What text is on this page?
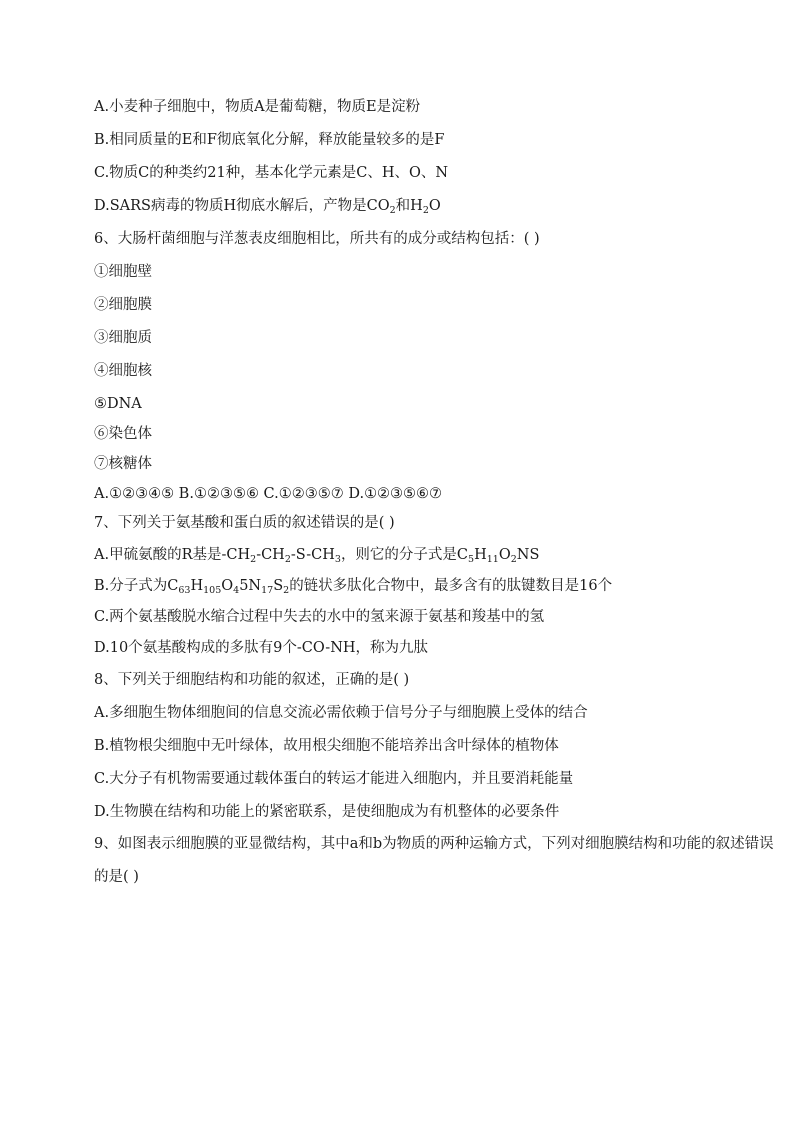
A.小麦种子细胞中，物质A是葡萄糖，物质E是淀粉
B.相同质量的E和F彻底氧化分解，释放能量较多的是F
C.物质C的种类约21种，基本化学元素是C、H、O、N
D.SARS病毒的物质H彻底水解后，产物是$CO_2$和$H_2O$
6、大肠杆菌细胞与洋葱表皮细胞相比，所共有的成分或结构包括：( )
①细胞壁
②细胞膜
③细胞质
④细胞核
⑤DNA
⑥染色体
⑦核糖体
A.①②③④⑤ B.①②③⑤⑥ C.①②③⑤⑦ D.①②③⑤⑥⑦
7、下列关于氨基酸和蛋白质的叙述错误的是( )
A.甲硫氨酸的R基是$-CH_2-CH_2-S-CH_3$，则它的分子式是$C_5H_{11}O_2NS$
B.分子式为$C_{63}H_{105}O_45N_{17}S_2$的链状多肽化合物中，最多含有的肽键数目是16个
C.两个氨基酸脱水缩合过程中失去的水中的氢来源于氨基和羧基中的氢
D.10个氨基酸构成的多肽有9个-CO-NH，称为九肽
8、下列关于细胞结构和功能的叙述，正确的是( )
A.多细胞生物体细胞间的信息交流必需依赖于信号分子与细胞膜上受体的结合
B.植物根尖细胞中无叶绿体，故用根尖细胞不能培养出含叶绿体的植物体
C.大分子有机物需要通过载体蛋白的转运才能进入细胞内，并且要消耗能量
D.生物膜在结构和功能上的紧密联系，是使细胞成为有机整体的必要条件
9、如图表示细胞膜的亚显微结构，其中a和b为物质的两种运输方式，下列对细胞膜结构和功能的叙述错误的是( )
